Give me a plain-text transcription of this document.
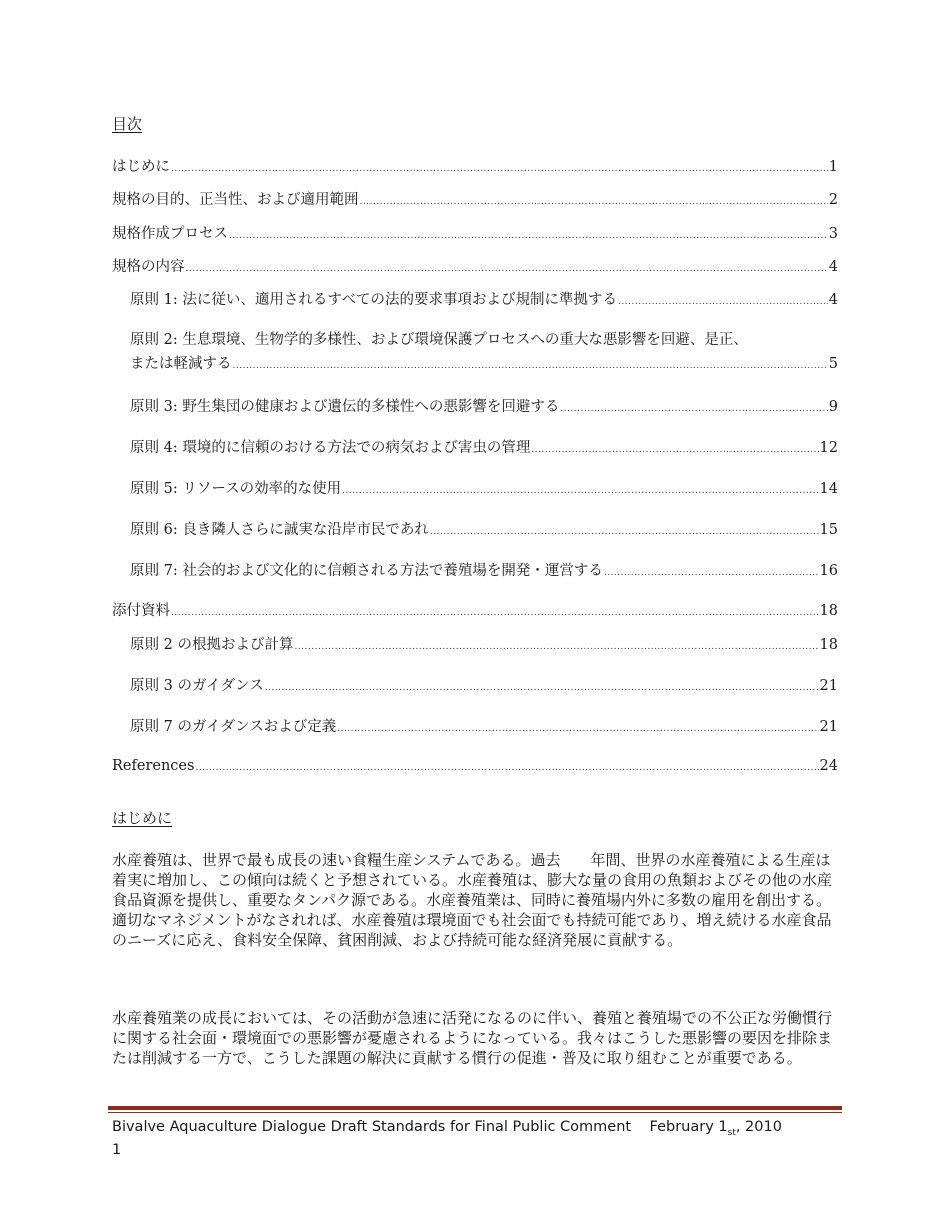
目次
はじめに .....	1
規格の目的、正当性、および適用範囲 .....	2
規格作成プロセス .....	3
規格の内容 .....	4
原則 1: 法に従い、適用されるすべての法的要求事項および規制に準拠する .....	4
原則 2: 生息環境、生物学的多様性、および環境保護プロセスへの重大な悪影響を回避、是正、
または軽減する .....	5
原則 3: 野生集団の健康および遺伝的多様性への悪影響を回避する .....	9
原則 4: 環境的に信頼のおける方法での病気および害虫の管理 .....	12
原則 5: リソースの効率的な使用 .....	14
原則 6: 良き隣人さらに誠実な沿岸市民であれ .....	15
原則 7: 社会的および文化的に信頼される方法で養殖場を開発・運営する .....	16
添付資料 .....	18
原則 2 の根拠および計算 .....	18
原則 3 のガイダンス .....	21
原則 7 のガイダンスおよび定義 .....	21
References .....	24
はじめに

水産養殖は、世界で最も成長の速い食糧生産システムである。過去　　年間、世界の水産養殖による生産は着実に増加し、この傾向は続くと予想されている。水産養殖は、膨大な量の食用の魚類およびその他の水産食品資源を提供し、重要なタンパク源である。水産養殖業は、同時に養殖場内外に多数の雇用を創出する。適切なマネジメントがなされれば、水産養殖は環境面でも社会面でも持続可能であり、増え続ける水産食品のニーズに応え、食料安全保障、貧困削減、および持続可能な経済発展に貢献する。

水産養殖業の成長においては、その活動が急速に活発になるのに伴い、養殖と養殖場での不公正な労働慣行に関する社会面・環境面での悪影響が憂慮されるようになっている。我々はこうした悪影響の要因を排除または削減する一方で、こうした課題の解決に貢献する慣行の促進・普及に取り組むことが重要である。

Bivalve Aquaculture Dialogue Draft Standards for Final Public Comment February $1_{st}$, 2010
1
